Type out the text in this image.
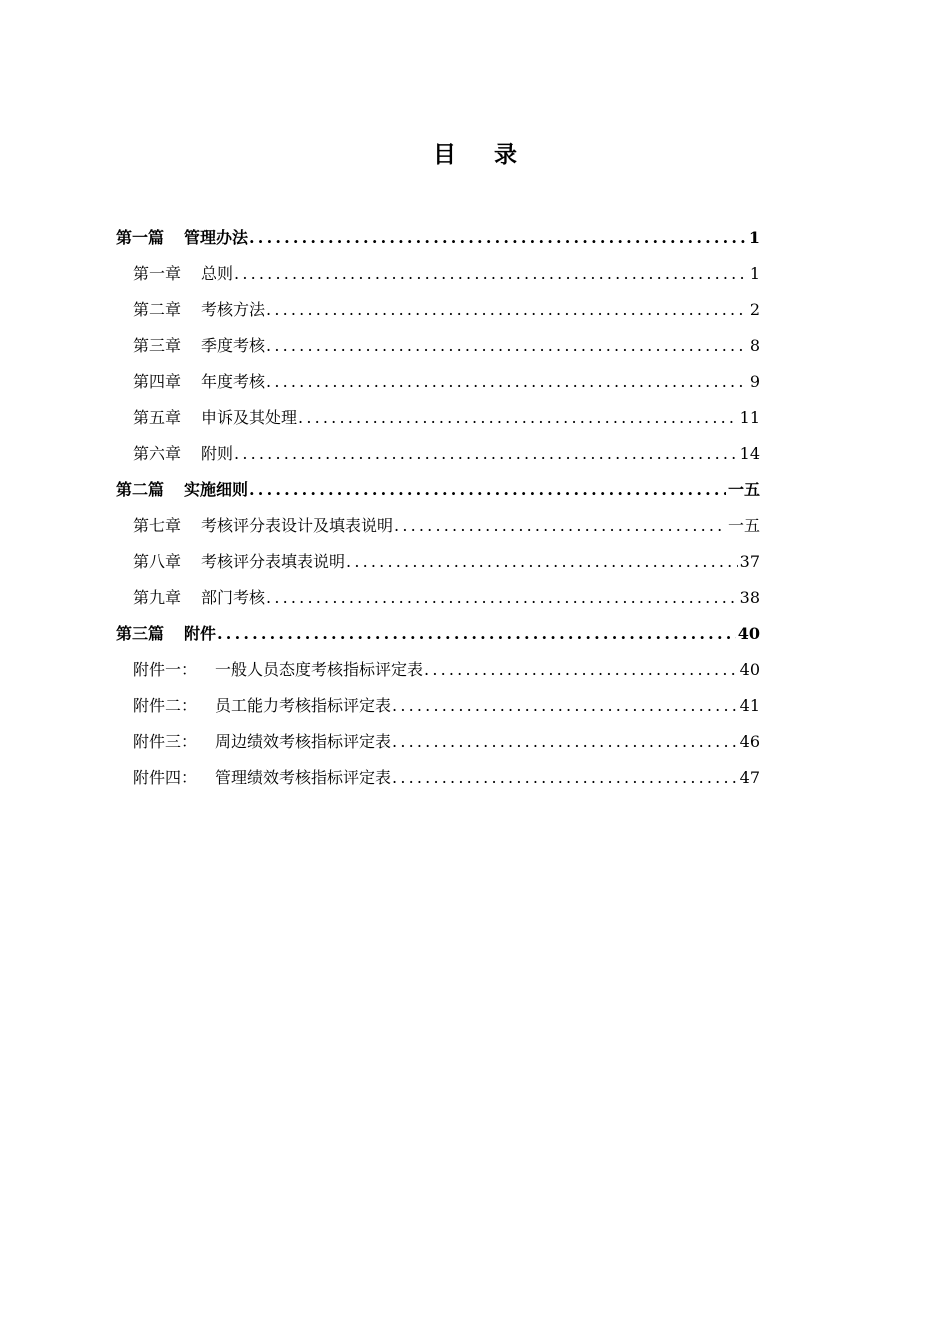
目 录
第一篇 管理办法 .....	1
第一章 总则 .....	1
第二章 考核方法 .....	2
第三章 季度考核 .....	8
第四章 年度考核 .....	9
第五章 申诉及其处理 .....	11
第六章 附则 .....	14
第二篇 实施细则 .....	一五
第七章 考核评分表设计及填表说明 .....	一五
第八章 考核评分表填表说明 .....	37
第九章 部门考核 .....	38
第三篇 附件 .....	40
附件一： 一般人员态度考核指标评定表 .....	40
附件二： 员工能力考核指标评定表 .....	41
附件三： 周边绩效考核指标评定表 .....	46
附件四： 管理绩效考核指标评定表 .....	47
